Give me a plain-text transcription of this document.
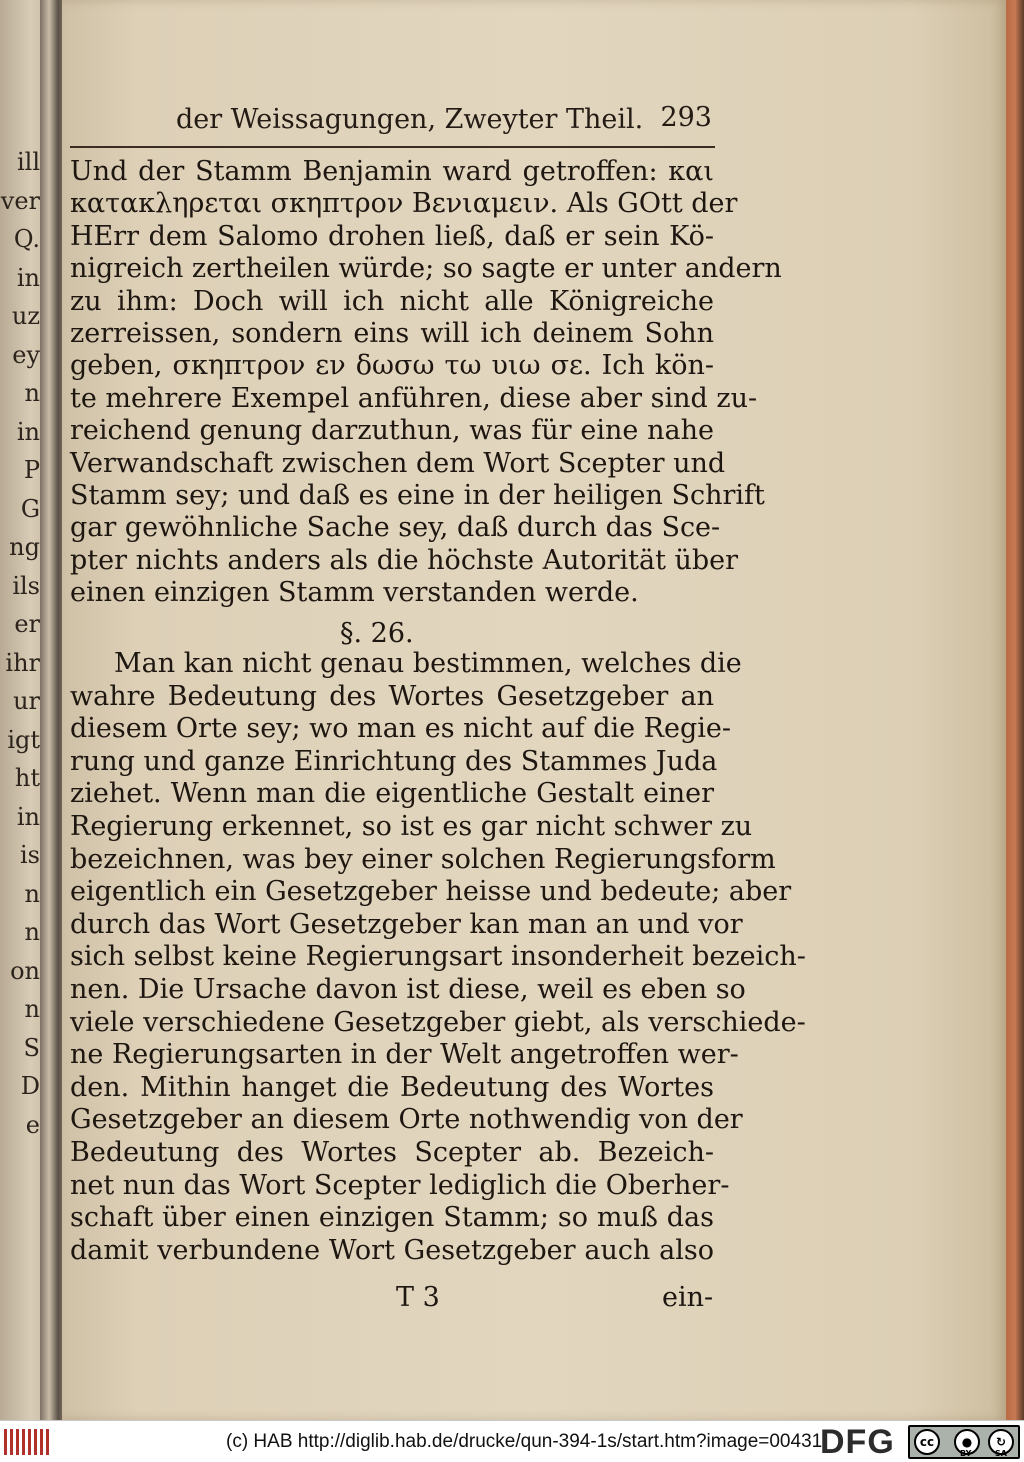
ill
ver
Q.
in
uz
ey
n
in
P
G
ng
ils
er
ihr
ur
igt
ht
in
is
n
n
on
n
S
D
e
der Weissagungen, Zweyter Theil. 293
Und der Stamm Benjamin ward getroffen: και
κατακληρεται σκηπτρον Βενιαμειν. Als GOtt der
HErr dem Salomo drohen ließ, daß er sein Kö-
nigreich zertheilen würde; so sagte er unter andern
zu ihm: Doch will ich nicht alle Königreiche
zerreissen, sondern eins will ich deinem Sohn
geben, σκηπτρον εν δωσω τω υιω σε. Ich kön-
te mehrere Exempel anführen, diese aber sind zu-
reichend genung darzuthun, was für eine nahe
Verwandschaft zwischen dem Wort Scepter und
Stamm sey; und daß es eine in der heiligen Schrift
gar gewöhnliche Sache sey, daß durch das Sce-
pter nichts anders als die höchste Autorität über
einen einzigen Stamm verstanden werde.
§. 26.
Man kan nicht genau bestimmen, welches die
wahre Bedeutung des Wortes Gesetzgeber an
diesem Orte sey; wo man es nicht auf die Regie-
rung und ganze Einrichtung des Stammes Juda
ziehet. Wenn man die eigentliche Gestalt einer
Regierung erkennet, so ist es gar nicht schwer zu
bezeichnen, was bey einer solchen Regierungsform
eigentlich ein Gesetzgeber heisse und bedeute; aber
durch das Wort Gesetzgeber kan man an und vor
sich selbst keine Regierungsart insonderheit bezeich-
nen. Die Ursache davon ist diese, weil es eben so
viele verschiedene Gesetzgeber giebt, als verschiede-
ne Regierungsarten in der Welt angetroffen wer-
den. Mithin hanget die Bedeutung des Wortes
Gesetzgeber an diesem Orte nothwendig von der
Bedeutung des Wortes Scepter ab. Bezeich-
net nun das Wort Scepter lediglich die Oberher-
schaft über einen einzigen Stamm; so muß das
damit verbundene Wort Gesetzgeber auch also
T 3	ein-
(c) HAB http://diglib.hab.de/drucke/qun-394-1s/start.htm?image=00431
DFG	cc	●	↻
BY	SA
